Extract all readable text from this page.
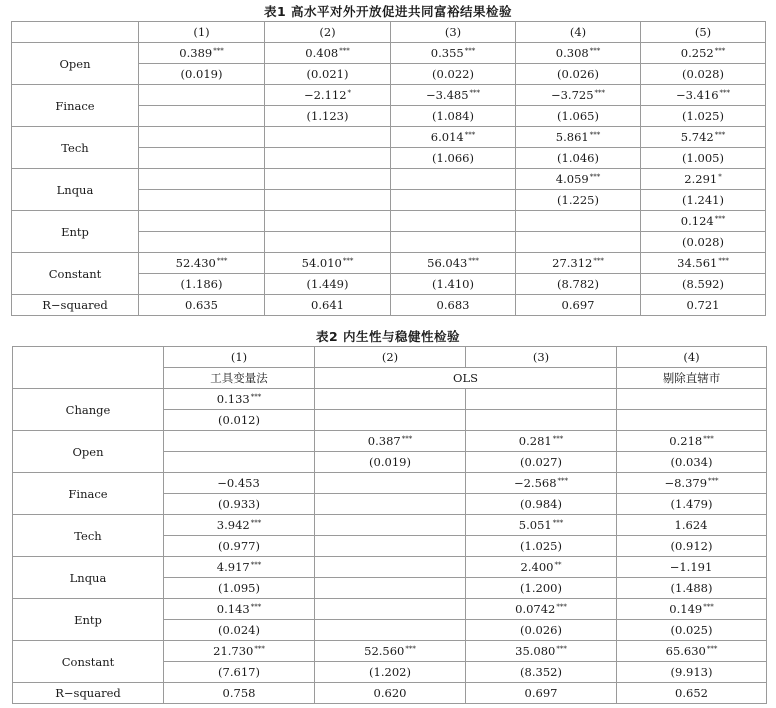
表1 高水平对外开放促进共同富裕结果检验
	(1)	(2)	(3)	(4)	(5)
Open	0.389***	0.408***	0.355***	0.308***	0.252***
	(0.019)	(0.021)	(0.022)	(0.026)	(0.028)
Finace		−2.112*	−3.485***	−3.725***	−3.416***
		(1.123)	(1.084)	(1.065)	(1.025)
Tech			6.014***	5.861***	5.742***
			(1.066)	(1.046)	(1.005)
Lnqua				4.059***	2.291*
				(1.225)	(1.241)
Entp					0.124***
					(0.028)
Constant	52.430***	54.010***	56.043***	27.312***	34.561***
	(1.186)	(1.449)	(1.410)	(8.782)	(8.592)
R−squared	0.635	0.641	0.683	0.697	0.721
表2 内生性与稳健性检验
	(1)	(2)	(3)	(4)
	工具变量法	OLS		剔除直辖市
Change	0.133***			
	(0.012)			
Open		0.387***	0.281***	0.218***
		(0.019)	(0.027)	(0.034)
Finace	−0.453		−2.568***	−8.379***
	(0.933)		(0.984)	(1.479)
Tech	3.942***		5.051***	1.624
	(0.977)		(1.025)	(0.912)
Lnqua	4.917***		2.400**	−1.191
	(1.095)		(1.200)	(1.488)
Entp	0.143***		0.0742***	0.149***
	(0.024)		(0.026)	(0.025)
Constant	21.730***	52.560***	35.080***	65.630***
	(7.617)	(1.202)	(8.352)	(9.913)
R−squared	0.758	0.620	0.697	0.652
